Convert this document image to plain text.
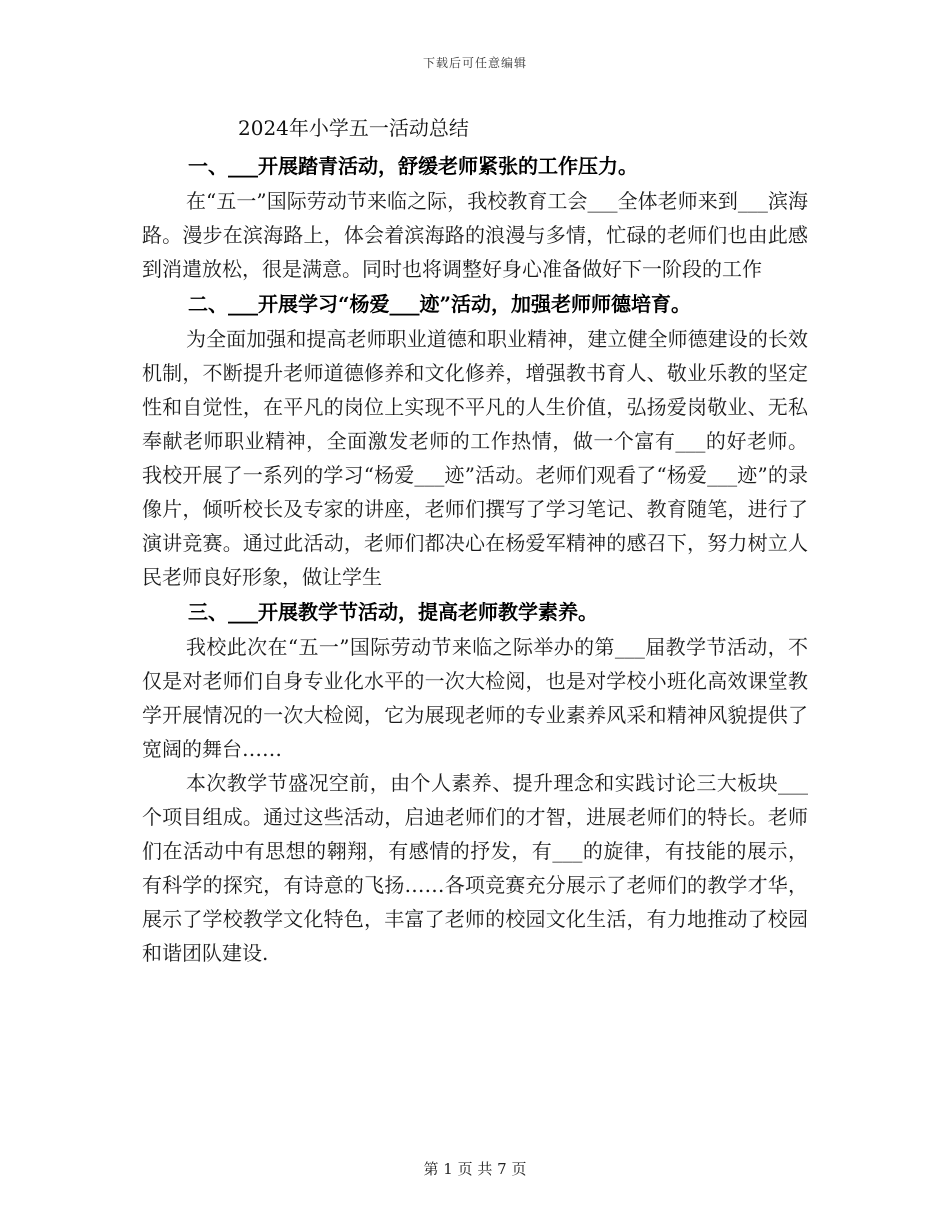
下载后可任意编辑
2024年小学五一活动总结
一、___开展踏青活动，舒缓老师紧张的工作压力。

在“五一”国际劳动节来临之际，我校教育工会___全体老师来到___滨海路。漫步在滨海路上，体会着滨海路的浪漫与多情，忙碌的老师们也由此感到消遣放松，很是满意。同时也将调整好身心准备做好下一阶段的工作

二、___开展学习“杨爱___迹”活动，加强老师师德培育。

为全面加强和提高老师职业道德和职业精神，建立健全师德建设的长效机制，不断提升老师道德修养和文化修养，增强教书育人、敬业乐教的坚定性和自觉性，在平凡的岗位上实现不平凡的人生价值，弘扬爱岗敬业、无私奉献老师职业精神，全面激发老师的工作热情，做一个富有___的好老师。我校开展了一系列的学习“杨爱___迹”活动。老师们观看了“杨爱___迹”的录像片，倾听校长及专家的讲座，老师们撰写了学习笔记、教育随笔，进行了演讲竞赛。通过此活动，老师们都决心在杨爱军精神的感召下，努力树立人民老师良好形象，做让学生

三、___开展教学节活动，提高老师教学素养。

我校此次在“五一”国际劳动节来临之际举办的第___届教学节活动，不仅是对老师们自身专业化水平的一次大检阅，也是对学校小班化高效课堂教学开展情况的一次大检阅，它为展现老师的专业素养风采和精神风貌提供了宽阔的舞台……

本次教学节盛况空前，由个人素养、提升理念和实践讨论三大板块___个项目组成。通过这些活动，启迪老师们的才智，进展老师们的特长。老师们在活动中有思想的翱翔，有感情的抒发，有___的旋律，有技能的展示，有科学的探究，有诗意的飞扬……各项竞赛充分展示了老师们的教学才华，展示了学校教学文化特色，丰富了老师的校园文化生活，有力地推动了校园和谐团队建设.

第 1 页 共 7 页
